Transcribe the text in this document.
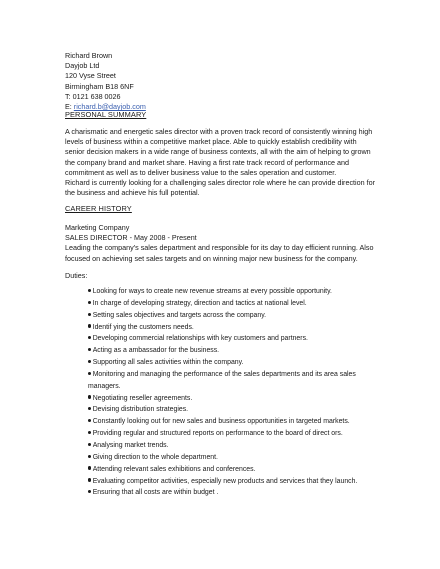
Richard Brown
Dayjob Ltd
120 Vyse Street
Birmingham B18 6NF
T: 0121 638 0026
E: richard.b@dayjob.com
PERSONAL SUMMARY
A charismatic and energetic sales director with a proven track record of consistently winning high
levels of business within a competitive market place. Able to quickly establish credibility with
senior decision makers in a wide range of business contexts, all with the aim of helping to grown
the company brand and market share. Having a first rate track record of performance and
commitment as well as to deliver business value to the sales operation and customer.
Richard is currently looking for a challenging sales director role where he can provide direction for
the business and achieve his full potential.
CAREER HISTORY
Marketing Company
SALES DIRECTOR - May 2008 - Present
Leading the company's sales department and responsible for its day to day efficient running. Also
focused on achieving set sales targets and on winning major new business for the company.
Duties:
Looking for ways to create new revenue streams at every possible opportunity.
In charge of developing strategy, direction and tactics at national level.
Setting sales objectives and targets across the company.
Identif ying the customers needs.
Developing commercial relationships with key customers and partners.
Acting as a ambassador for the business.
Supporting all sales activities within the company.
Monitoring and managing the performance of the sales departments and its area sales
managers.
Negotiating reseller agreements.
Devising distribution strategies.
Constantly looking out for new sales and business opportunities in targeted markets.
Providing regular and structured reports on performance to the board of direct ors.
Analysing market trends.
Giving direction to the whole department.
Attending relevant sales exhibitions and conferences.
Evaluating competitor activities, especially new products and services that they launch.
Ensuring that all costs are within budget .
